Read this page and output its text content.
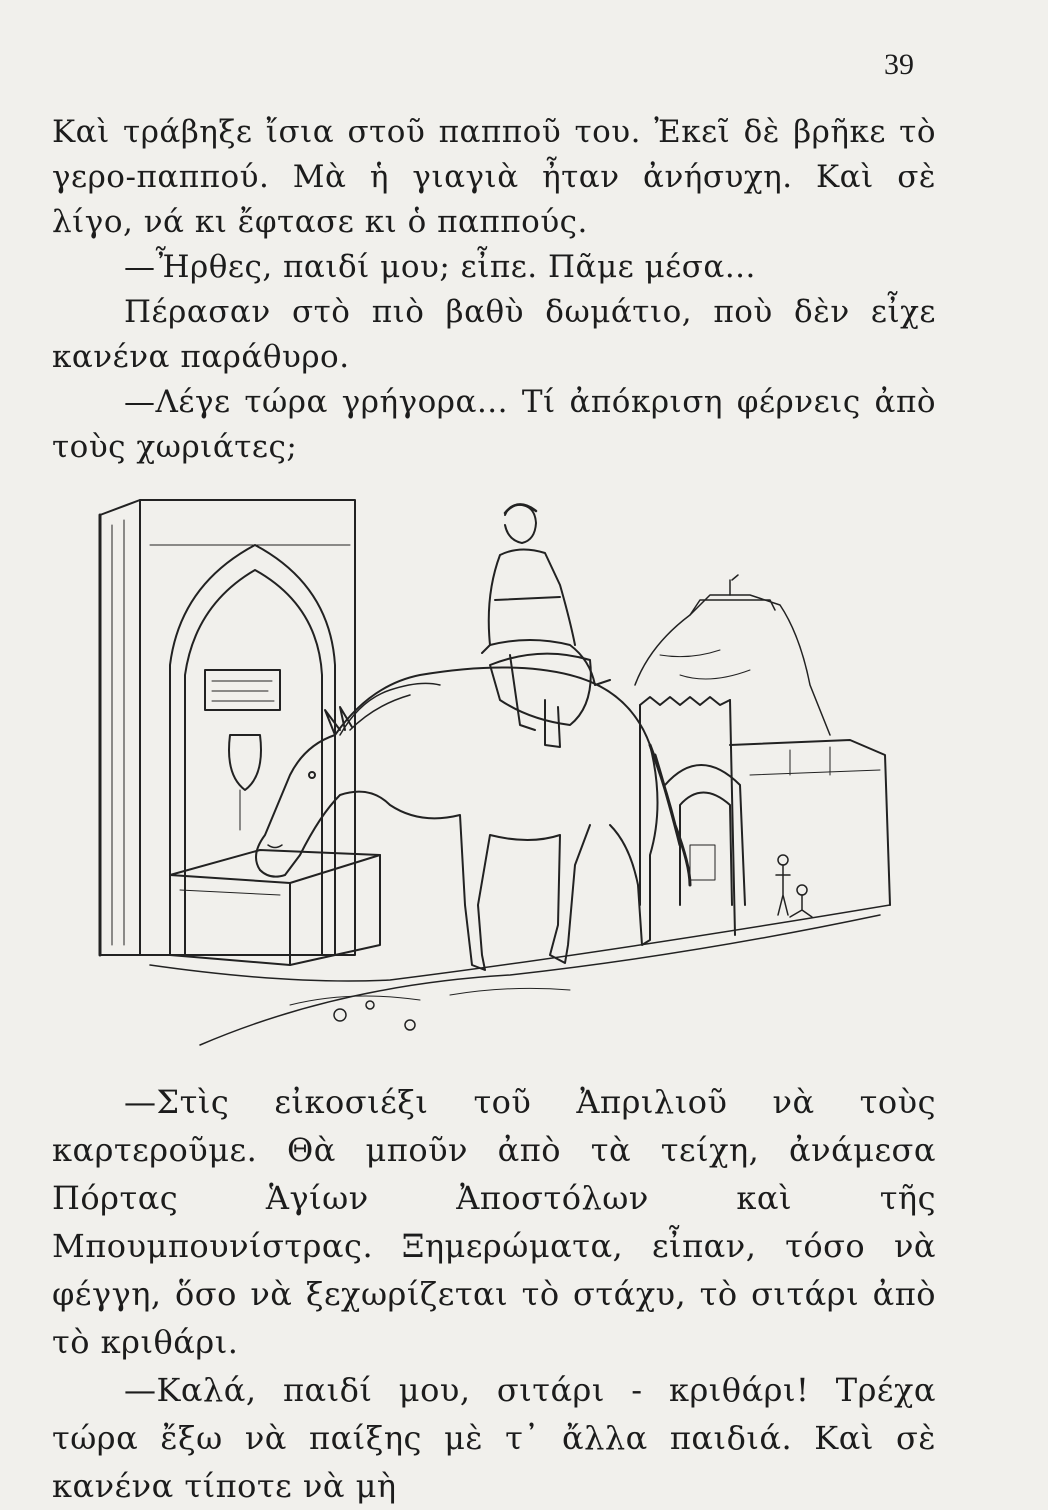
39

Καὶ τράβηξε ἴσια στοῦ παπποῦ του. Ἐκεῖ δὲ βρῆκε τὸ γερο-παππού. Μὰ ἡ γιαγιὰ ἦταν ἀνήσυχη. Καὶ σὲ λίγο, νά κι ἔφτασε κι ὁ παππούς.

—Ἦρθες, παιδί μου; εἶπε. Πᾶμε μέσα...

Πέρασαν στὸ πιὸ βαθὺ δωμάτιο, ποὺ δὲν εἶχε κανένα παράθυρο.

—Λέγε τώρα γρήγορα... Τί ἀπόκριση φέρνεις ἀπὸ τοὺς χωριάτες;

—Στὶς εἰκοσιέξι τοῦ Ἀπριλιοῦ νὰ τοὺς καρτεροῦμε. Θὰ μποῦν ἀπὸ τὰ τείχη, ἀνάμεσα Πόρτας Ἁγίων Ἀποστόλων καὶ τῆς Μπουμπουνίστρας. Ξημερώματα, εἶπαν, τόσο νὰ φέγγη, ὅσο νὰ ξεχωρίζεται τὸ στάχυ, τὸ σιτάρι ἀπὸ τὸ κριθάρι.

—Καλά, παιδί μου, σιτάρι - κριθάρι! Τρέχα τώρα ἔξω νὰ παίξης μὲ τ᾽ ἄλλα παιδιά. Καὶ σὲ κανένα τίποτε νὰ μὴ
